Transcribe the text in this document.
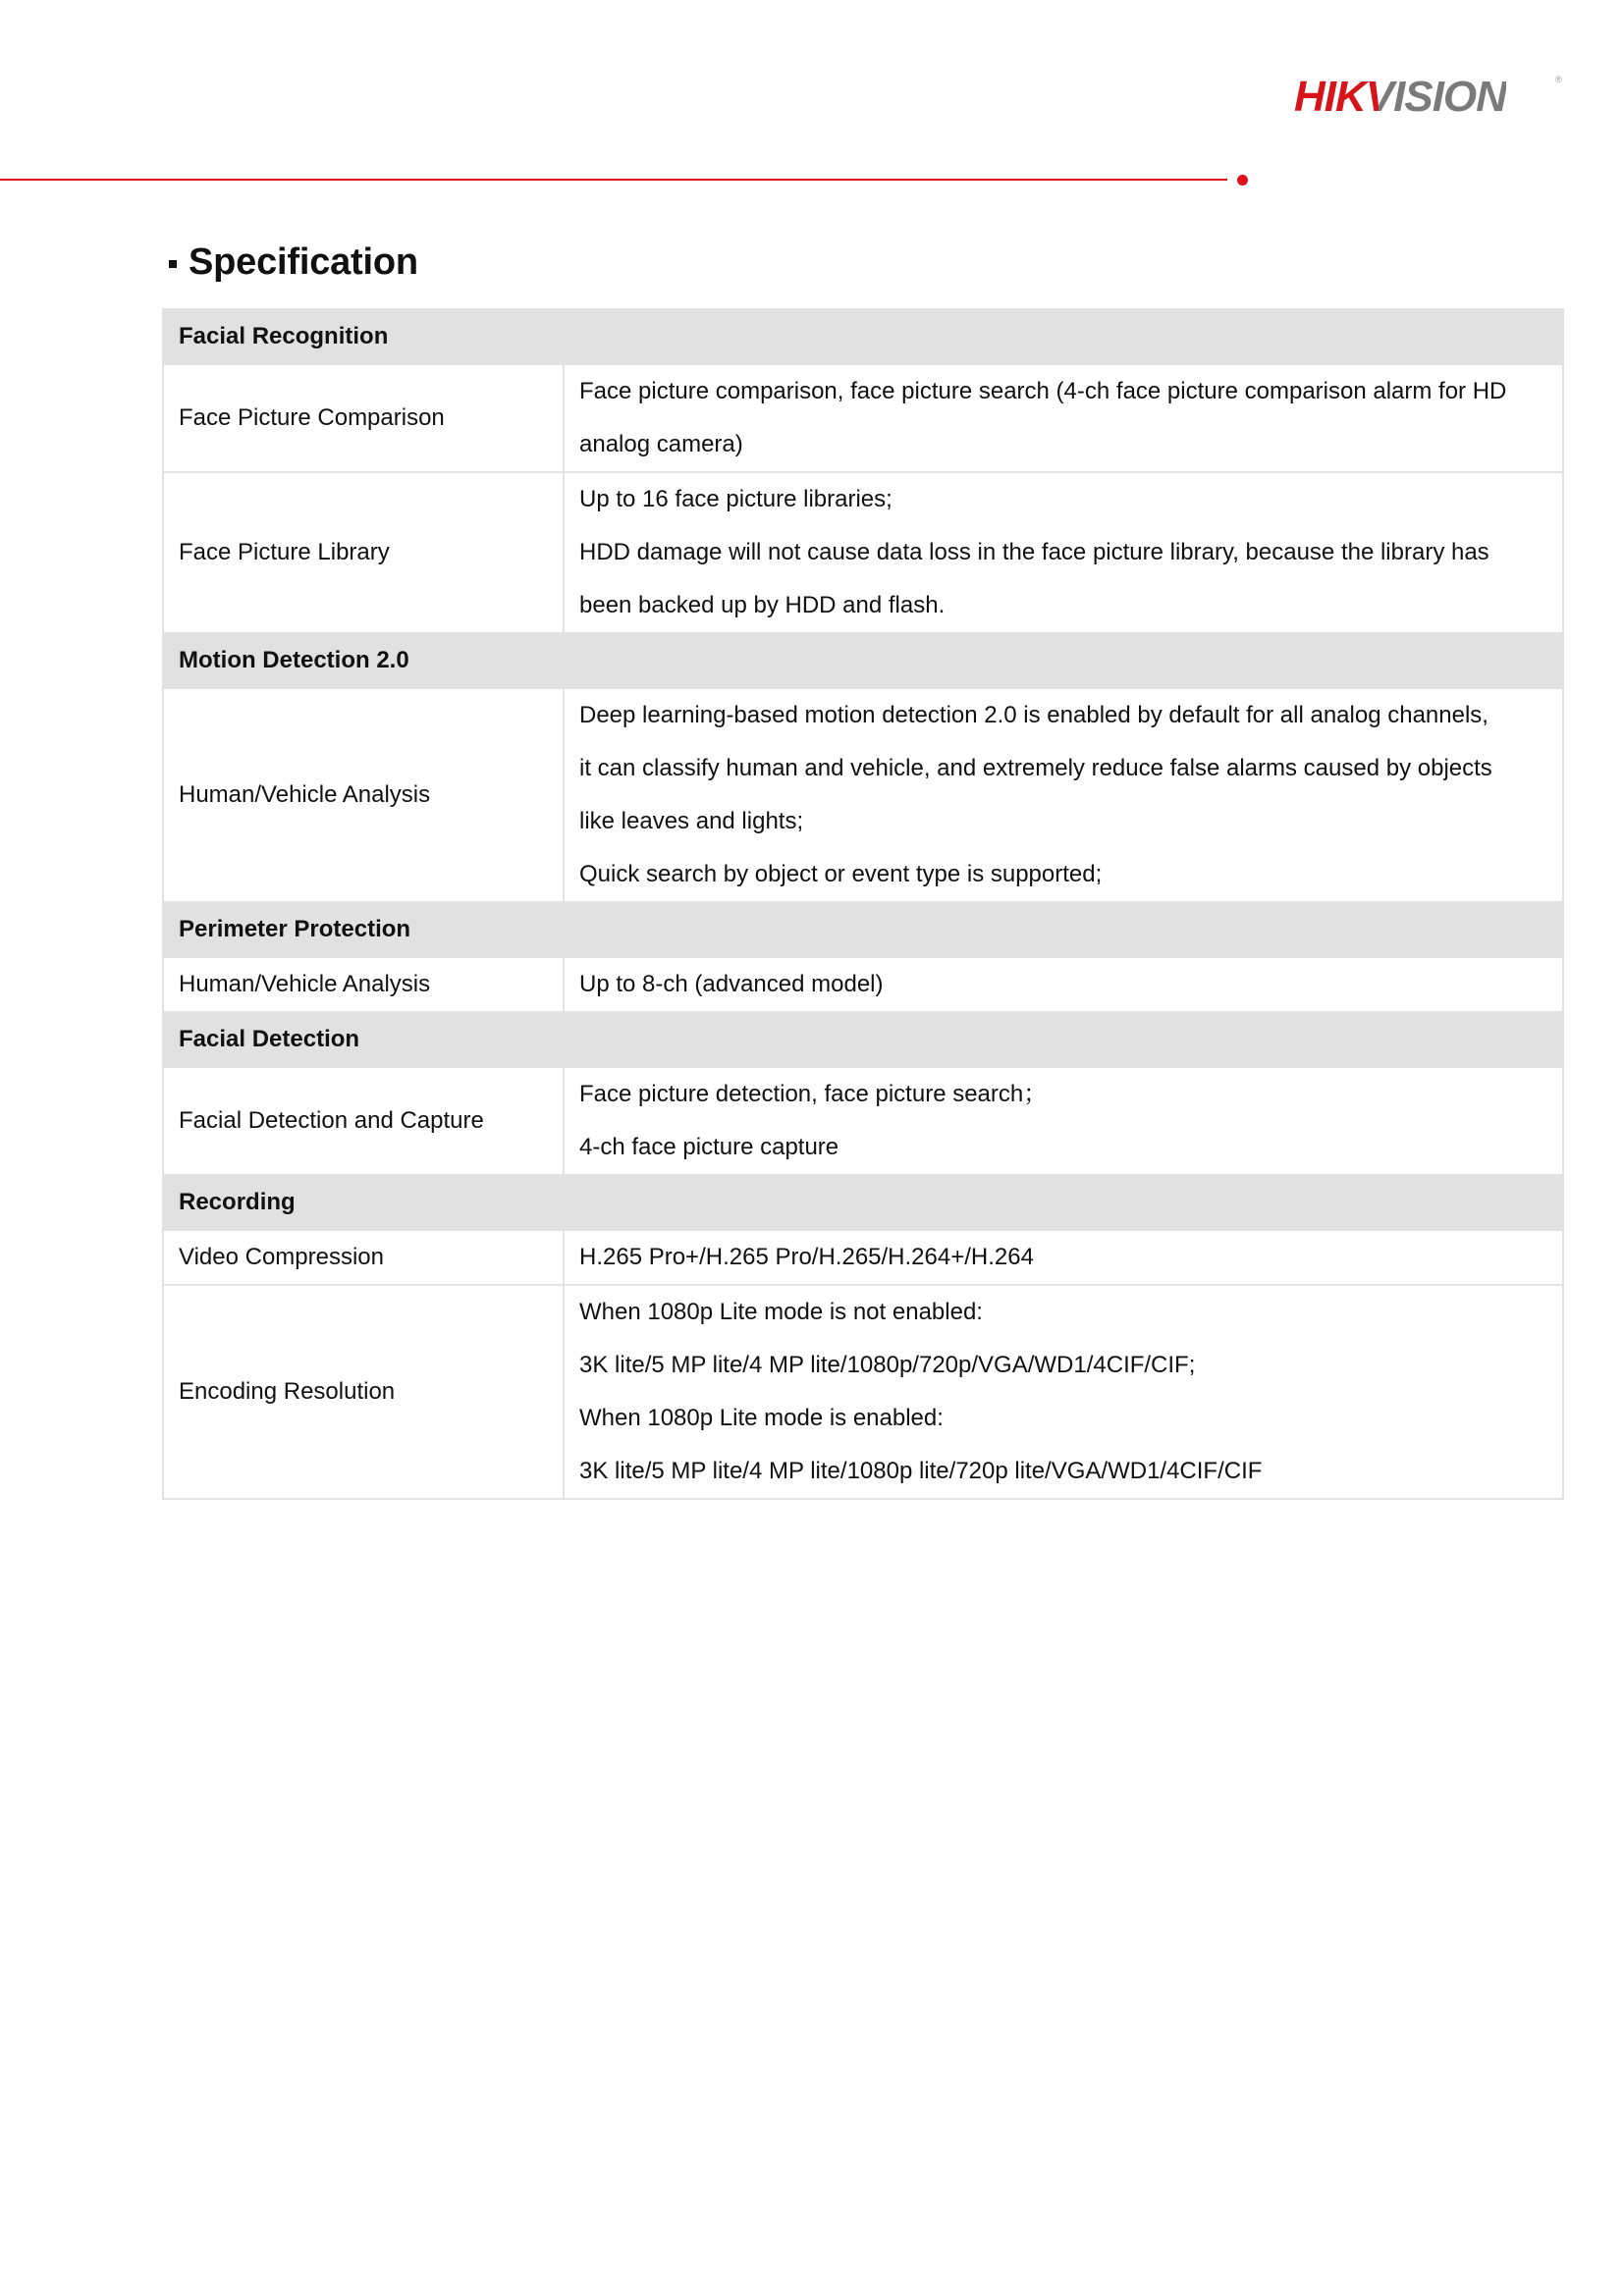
HIKVISION	®
Specification
Facial Recognition	
Face Picture Comparison	Face picture comparison, face picture search (4-ch face picture comparison alarm for HD
analog camera)

Face Picture Library	Up to 16 face picture libraries;
HDD damage will not cause data loss in the face picture library, because the library has
been backed up by HDD and flash.

Motion Detection 2.0	
Human/Vehicle Analysis	Deep learning-based motion detection 2.0 is enabled by default for all analog channels,
it can classify human and vehicle, and extremely reduce false alarms caused by objects
like leaves and lights;
Quick search by object or event type is supported;

Perimeter Protection	
Human/Vehicle Analysis	Up to 8-ch (advanced model)

Facial Detection	
Facial Detection and Capture	Face picture detection, face picture search；
4-ch face picture capture

Recording	
Video Compression	H.265 Pro+/H.265 Pro/H.265/H.264+/H.264

Encoding Resolution	When 1080p Lite mode is not enabled:
3K lite/5 MP lite/4 MP lite/1080p/720p/VGA/WD1/4CIF/CIF;
When 1080p Lite mode is enabled:
3K lite/5 MP lite/4 MP lite/1080p lite/720p lite/VGA/WD1/4CIF/CIF
